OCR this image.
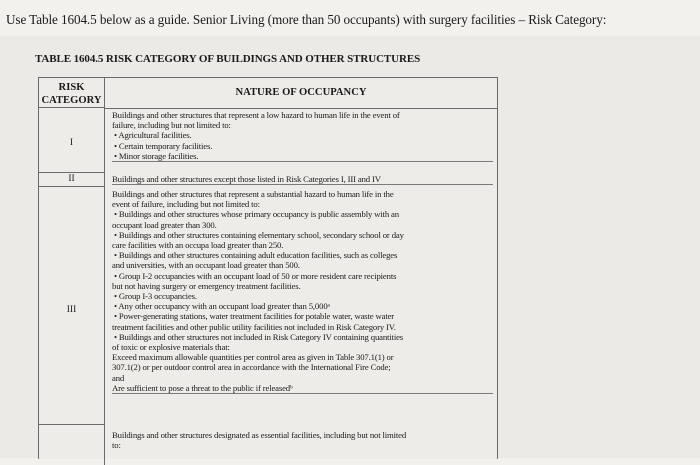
Use Table 1604.5 below as a guide. Senior Living (more than 50 occupants) with surgery facilities – Risk Category:
TABLE 1604.5 RISK CATEGORY OF BUILDINGS AND OTHER STRUCTURES
RISK
CATEGORY
NATURE OF OCCUPANCY
I
Buildings and other structures that represent a low hazard to human life in the event of
failure, including but not limited to:
• Agricultural facilities.
• Certain temporary facilities.
• Minor storage facilities.
II	Buildings and other structures except those listed in Risk Categories I, III and IV
III
Buildings and other structures that represent a substantial hazard to human life in the
event of failure, including but not limited to:
• Buildings and other structures whose primary occupancy is public assembly with an
occupant load greater than 300.
• Buildings and other structures containing elementary school, secondary school or day
care facilities with an occupa load greater than 250.
• Buildings and other structures containing adult education facilities, such as colleges
and universities, with an occupant load greater than 500.
• Group I-2 occupancies with an occupant load of 50 or more resident care recipients
but not having surgery or emergency treatment facilities.
• Group I-3 occupancies.
• Any other occupancy with an occupant load greater than 5,000ᵃ
• Power-generating stations, water treatment facilities for potable water, waste water
treatment facilities and other public utility facilities not included in Risk Category IV.
• Buildings and other structures not included in Risk Category IV containing quantities
of toxic or explosive materials that:
Exceed maximum allowable quantities per control area as given in Table 307.1(1) or
307.1(2) or per outdoor control area in accordance with the International Fire Code;
and
Are sufficient to pose a threat to the public if releasedᵇ
Buildings and other structures designated as essential facilities, including but not limited
to:
